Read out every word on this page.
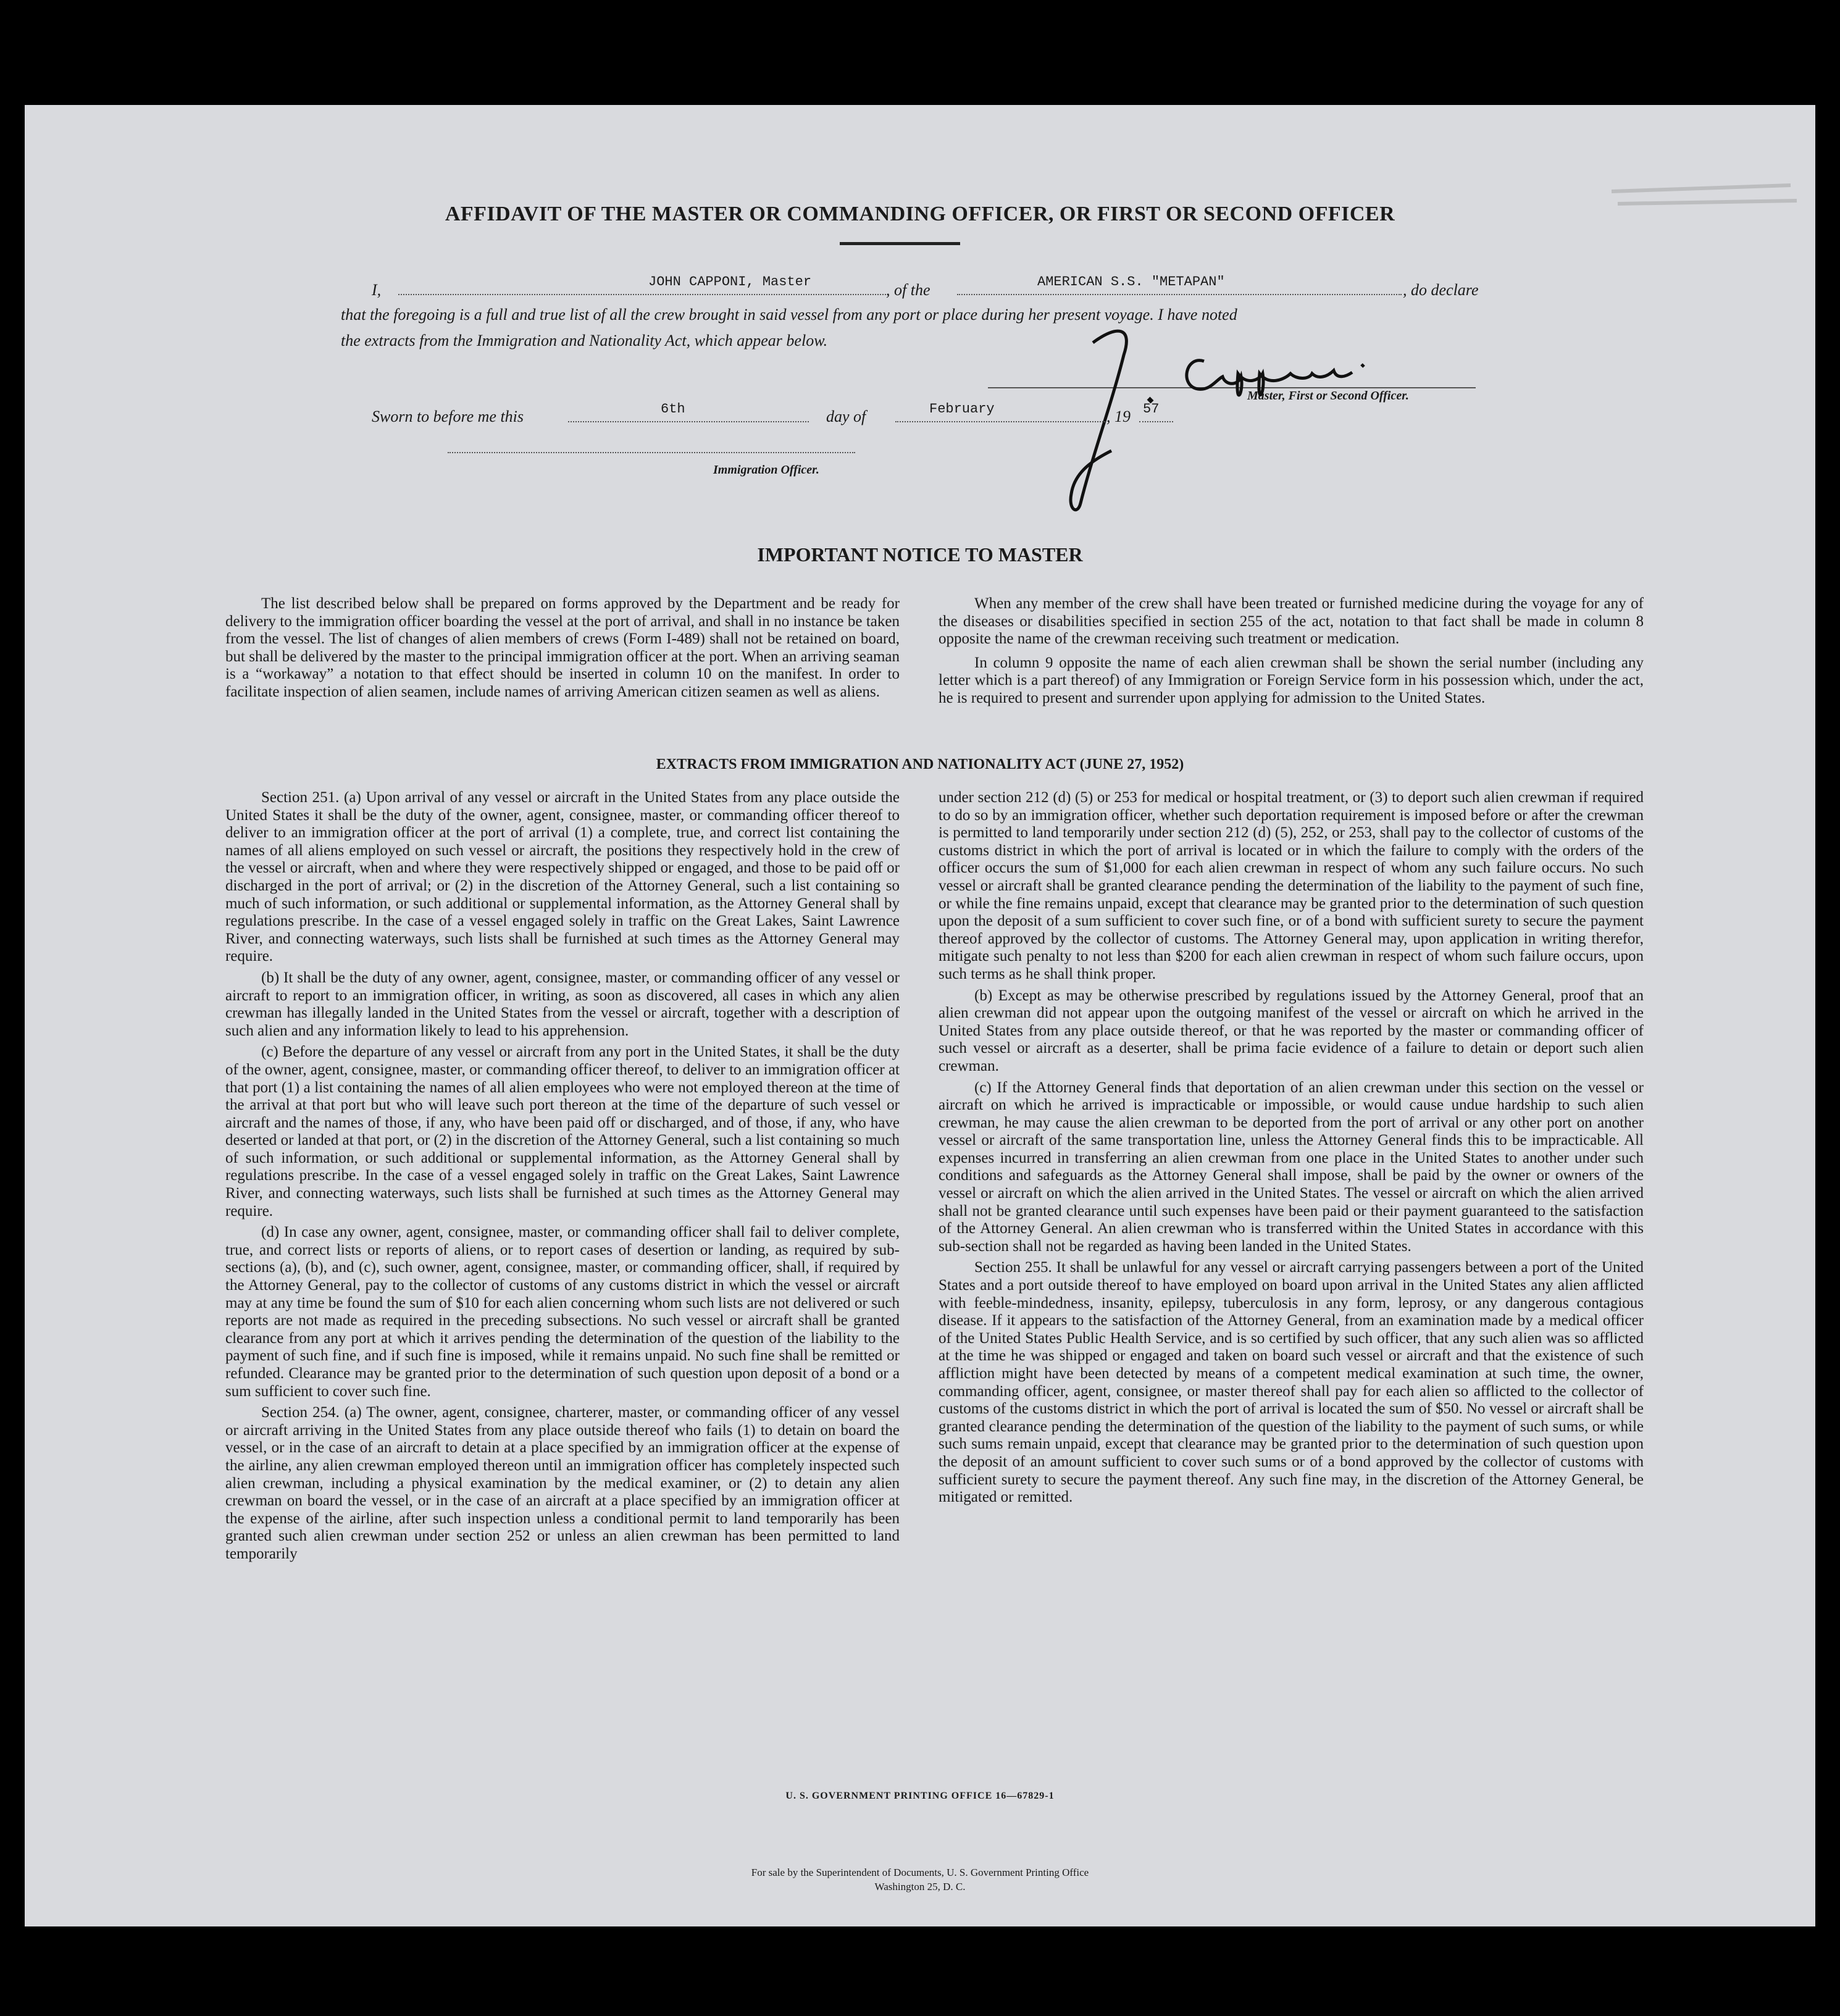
AFFIDAVIT OF THE MASTER OR COMMANDING OFFICER, OR FIRST OR SECOND OFFICER
I,	JOHN CAPPONI, Master	, of the	AMERICAN S.S. "METAPAN"	, do declare
that the foregoing is a full and true list of all the crew brought in said vessel from any port or place during her present voyage. I have noted
the extracts from the Immigration and Nationality Act, which appear below.
Master, First or Second Officer.
Sworn to before me this	6th	day of	February	, 19 57
Immigration Officer.
IMPORTANT NOTICE TO MASTER

The list described below shall be prepared on forms approved by the Department and be ready for delivery to the immigration officer boarding the vessel at the port of arrival, and shall in no instance be taken from the vessel. The list of changes of alien members of crews (Form I-489) shall not be retained on board, but shall be delivered by the master to the principal immigration officer at the port. When an arriving seaman is a “workaway” a notation to that effect should be inserted in column 10 on the manifest. In order to facilitate inspection of alien seamen, include names of arriving American citizen seamen as well as aliens.

When any member of the crew shall have been treated or furnished medicine during the voyage for any of the diseases or disabilities specified in section 255 of the act, notation to that fact shall be made in column 8 opposite the name of the crewman receiving such treatment or medication.

In column 9 opposite the name of each alien crewman shall be shown the serial number (including any letter which is a part thereof) of any Immigration or Foreign Service form in his possession which, under the act, he is required to present and surrender upon applying for admission to the United States.

EXTRACTS FROM IMMIGRATION AND NATIONALITY ACT (JUNE 27, 1952)

Section 251. (a) Upon arrival of any vessel or aircraft in the United States from any place outside the United States it shall be the duty of the owner, agent, consignee, master, or commanding officer thereof to deliver to an immigration officer at the port of arrival (1) a complete, true, and correct list containing the names of all aliens employed on such vessel or aircraft, the positions they respectively hold in the crew of the vessel or aircraft, when and where they were respectively shipped or engaged, and those to be paid off or discharged in the port of arrival; or (2) in the discretion of the Attorney General, such a list containing so much of such information, or such additional or supplemental information, as the Attorney General shall by regulations prescribe. In the case of a vessel engaged solely in traffic on the Great Lakes, Saint Lawrence River, and connecting waterways, such lists shall be furnished at such times as the Attorney General may require.

(b) It shall be the duty of any owner, agent, consignee, master, or commanding officer of any vessel or aircraft to report to an immigration officer, in writing, as soon as discovered, all cases in which any alien crewman has illegally landed in the United States from the vessel or aircraft, together with a description of such alien and any information likely to lead to his apprehension.

(c) Before the departure of any vessel or aircraft from any port in the United States, it shall be the duty of the owner, agent, consignee, master, or commanding officer thereof, to deliver to an immigration officer at that port (1) a list containing the names of all alien employees who were not employed thereon at the time of the arrival at that port but who will leave such port thereon at the time of the departure of such vessel or aircraft and the names of those, if any, who have been paid off or discharged, and of those, if any, who have deserted or landed at that port, or (2) in the discretion of the Attorney General, such a list containing so much of such information, or such additional or supplemental information, as the Attorney General shall by regulations prescribe. In the case of a vessel engaged solely in traffic on the Great Lakes, Saint Lawrence River, and connecting waterways, such lists shall be furnished at such times as the Attorney General may require.

(d) In case any owner, agent, consignee, master, or commanding officer shall fail to deliver complete, true, and correct lists or reports of aliens, or to report cases of desertion or landing, as required by sub-sections (a), (b), and (c), such owner, agent, consignee, master, or commanding officer, shall, if required by the Attorney General, pay to the collector of customs of any customs district in which the vessel or aircraft may at any time be found the sum of $10 for each alien concerning whom such lists are not delivered or such reports are not made as required in the preceding subsections. No such vessel or aircraft shall be granted clearance from any port at which it arrives pending the determination of the question of the liability to the payment of such fine, and if such fine is imposed, while it remains unpaid. No such fine shall be remitted or refunded. Clearance may be granted prior to the determination of such question upon deposit of a bond or a sum sufficient to cover such fine.

Section 254. (a) The owner, agent, consignee, charterer, master, or commanding officer of any vessel or aircraft arriving in the United States from any place outside thereof who fails (1) to detain on board the vessel, or in the case of an aircraft to detain at a place specified by an immigration officer at the expense of the airline, any alien crewman employed thereon until an immigration officer has completely inspected such alien crewman, including a physical examination by the medical examiner, or (2) to detain any alien crewman on board the vessel, or in the case of an aircraft at a place specified by an immigration officer at the expense of the airline, after such inspection unless a conditional permit to land temporarily has been granted such alien crewman under section 252 or unless an alien crewman has been permitted to land temporarily

under section 212 (d) (5) or 253 for medical or hospital treatment, or (3) to deport such alien crewman if required to do so by an immigration officer, whether such deportation requirement is imposed before or after the crewman is permitted to land temporarily under section 212 (d) (5), 252, or 253, shall pay to the collector of customs of the customs district in which the port of arrival is located or in which the failure to comply with the orders of the officer occurs the sum of $1,000 for each alien crewman in respect of whom any such failure occurs. No such vessel or aircraft shall be granted clearance pending the determination of the liability to the payment of such fine, or while the fine remains unpaid, except that clearance may be granted prior to the determination of such question upon the deposit of a sum sufficient to cover such fine, or of a bond with sufficient surety to secure the payment thereof approved by the collector of customs. The Attorney General may, upon application in writing therefor, mitigate such penalty to not less than $200 for each alien crewman in respect of whom such failure occurs, upon such terms as he shall think proper.

(b) Except as may be otherwise prescribed by regulations issued by the Attorney General, proof that an alien crewman did not appear upon the outgoing manifest of the vessel or aircraft on which he arrived in the United States from any place outside thereof, or that he was reported by the master or commanding officer of such vessel or aircraft as a deserter, shall be prima facie evidence of a failure to detain or deport such alien crewman.

(c) If the Attorney General finds that deportation of an alien crewman under this section on the vessel or aircraft on which he arrived is impracticable or impossible, or would cause undue hardship to such alien crewman, he may cause the alien crewman to be deported from the port of arrival or any other port on another vessel or aircraft of the same transportation line, unless the Attorney General finds this to be impracticable. All expenses incurred in transferring an alien crewman from one place in the United States to another under such conditions and safeguards as the Attorney General shall impose, shall be paid by the owner or owners of the vessel or aircraft on which the alien arrived in the United States. The vessel or aircraft on which the alien arrived shall not be granted clearance until such expenses have been paid or their payment guaranteed to the satisfaction of the Attorney General. An alien crewman who is transferred within the United States in accordance with this sub-section shall not be regarded as having been landed in the United States.

Section 255. It shall be unlawful for any vessel or aircraft carrying passengers between a port of the United States and a port outside thereof to have employed on board upon arrival in the United States any alien afflicted with feeble-mindedness, insanity, epilepsy, tuberculosis in any form, leprosy, or any dangerous contagious disease. If it appears to the satisfaction of the Attorney General, from an examination made by a medical officer of the United States Public Health Service, and is so certified by such officer, that any such alien was so afflicted at the time he was shipped or engaged and taken on board such vessel or aircraft and that the existence of such affliction might have been detected by means of a competent medical examination at such time, the owner, commanding officer, agent, consignee, or master thereof shall pay for each alien so afflicted to the collector of customs of the customs district in which the port of arrival is located the sum of $50. No vessel or aircraft shall be granted clearance pending the determination of the question of the liability to the payment of such sums, or while such sums remain unpaid, except that clearance may be granted prior to the determination of such question upon the deposit of an amount sufficient to cover such sums or of a bond approved by the collector of customs with sufficient surety to secure the payment thereof. Any such fine may, in the discretion of the Attorney General, be mitigated or remitted.

U. S. GOVERNMENT PRINTING OFFICE 16—67829-1
For sale by the Superintendent of Documents, U. S. Government Printing Office
Washington 25, D. C.
